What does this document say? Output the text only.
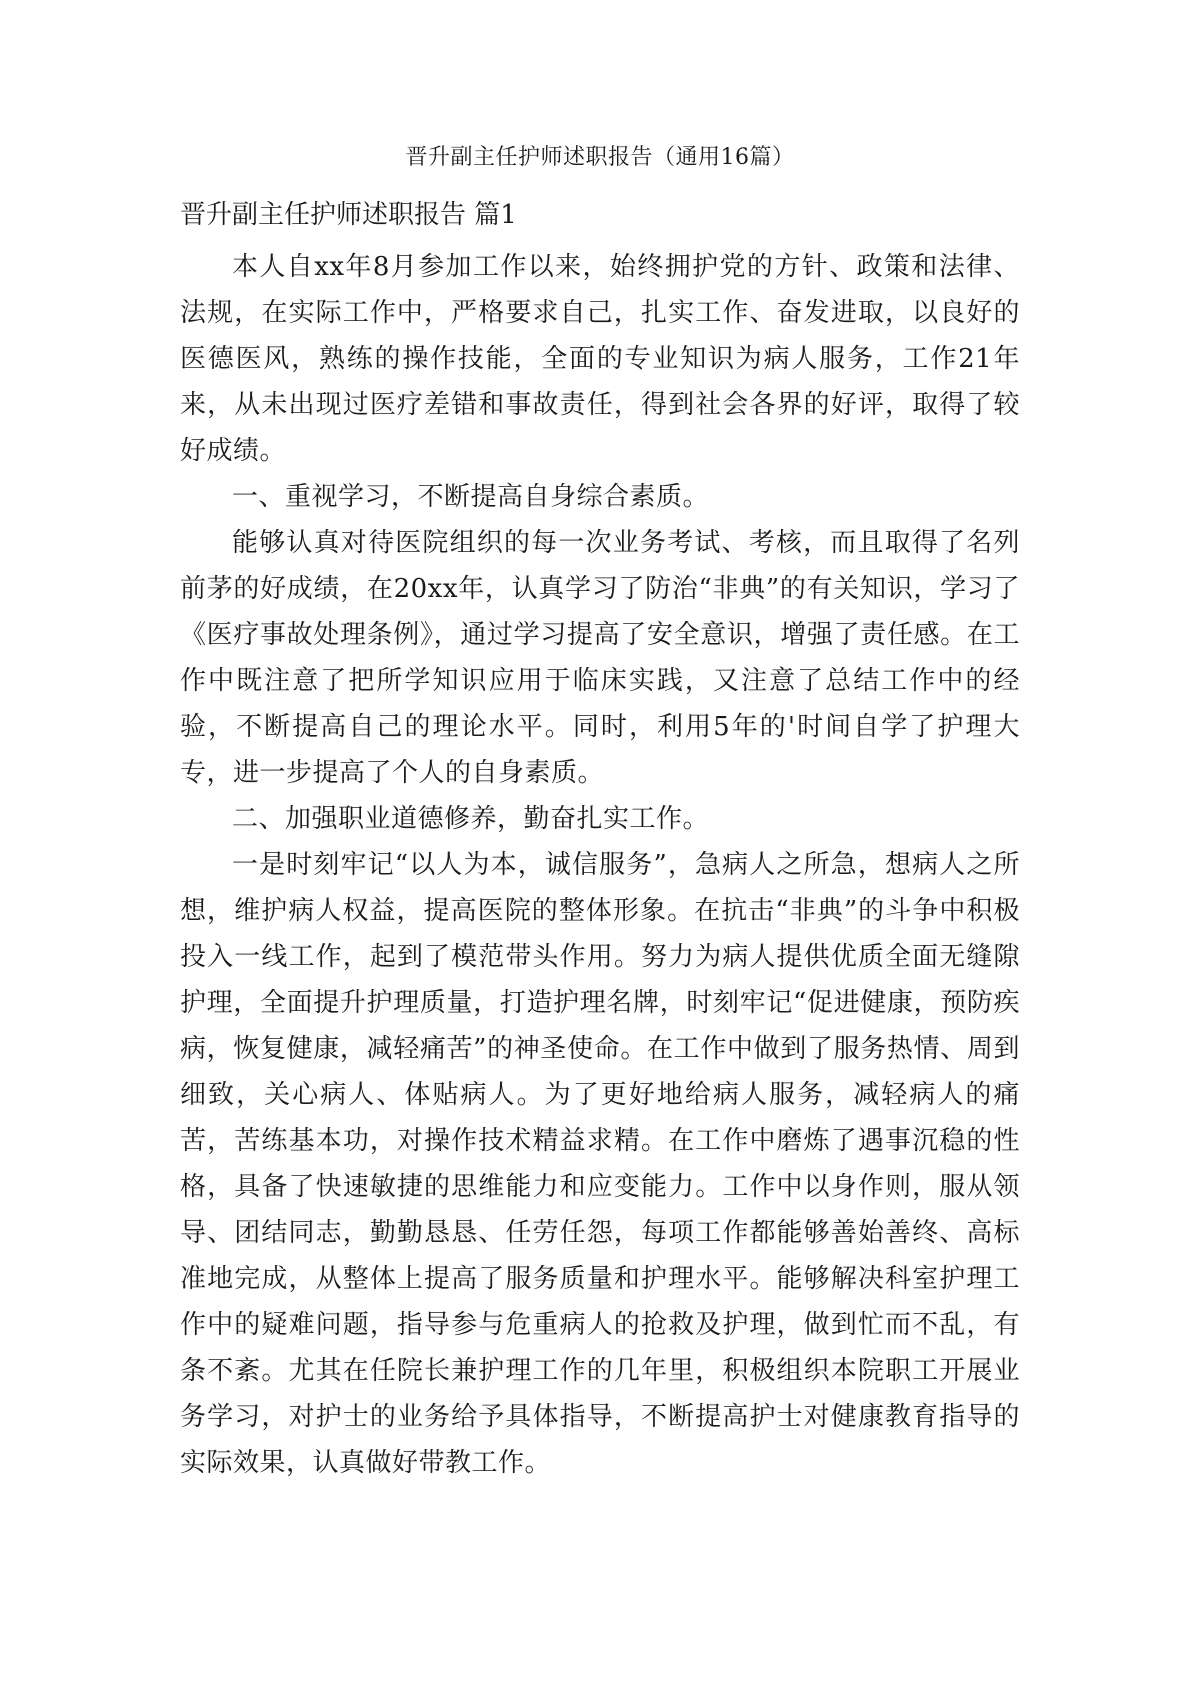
晋升副主任护师述职报告（通用16篇）
晋升副主任护师述职报告 篇1

本人自xx年8月参加工作以来，始终拥护党的方针、政策和法律、法规，在实际工作中，严格要求自己，扎实工作、奋发进取，以良好的医德医风，熟练的操作技能，全面的专业知识为病人服务，工作21年来，从未出现过医疗差错和事故责任，得到社会各界的好评，取得了较好成绩。

一、重视学习，不断提高自身综合素质。

能够认真对待医院组织的每一次业务考试、考核，而且取得了名列前茅的好成绩，在20xx年，认真学习了防治“非典”的有关知识，学习了《医疗事故处理条例》，通过学习提高了安全意识，增强了责任感。在工作中既注意了把所学知识应用于临床实践，又注意了总结工作中的经验，不断提高自己的理论水平。同时，利用5年的'时间自学了护理大专，进一步提高了个人的自身素质。

二、加强职业道德修养，勤奋扎实工作。

一是时刻牢记“以人为本，诚信服务”，急病人之所急，想病人之所想，维护病人权益，提高医院的整体形象。在抗击“非典”的斗争中积极投入一线工作，起到了模范带头作用。努力为病人提供优质全面无缝隙护理，全面提升护理质量，打造护理名牌，时刻牢记“促进健康，预防疾病，恢复健康，减轻痛苦”的神圣使命。在工作中做到了服务热情、周到细致，关心病人、体贴病人。为了更好地给病人服务，减轻病人的痛苦，苦练基本功，对操作技术精益求精。在工作中磨炼了遇事沉稳的性格，具备了快速敏捷的思维能力和应变能力。工作中以身作则，服从领导、团结同志，勤勤恳恳、任劳任怨，每项工作都能够善始善终、高标准地完成，从整体上提高了服务质量和护理水平。能够解决科室护理工作中的疑难问题，指导参与危重病人的抢救及护理，做到忙而不乱，有条不紊。尤其在任院长兼护理工作的几年里，积极组织本院职工开展业务学习，对护士的业务给予具体指导，不断提高护士对健康教育指导的实际效果，认真做好带教工作。
